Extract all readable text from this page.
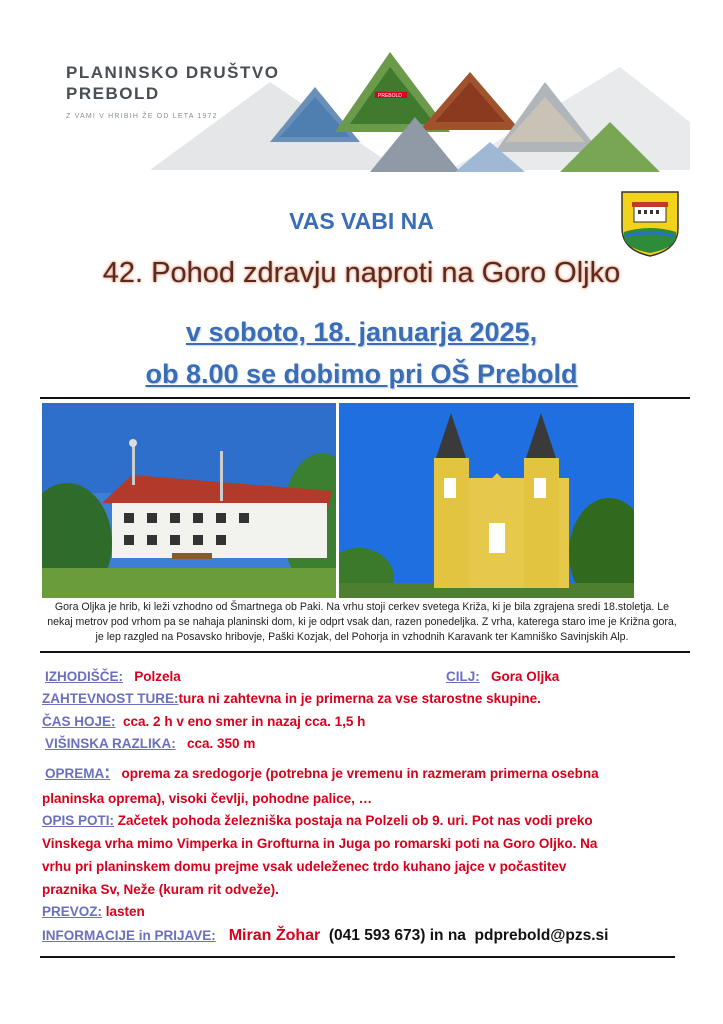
PLANINSKO DRUŠTVO
PREBOLD
Z VAMI V HRIBIH ŽE OD LETA 1972
PREBOLD
VAS VABI NA
42. Pohod zdravju naproti na Goro Oljko
v soboto, 18. januarja 2025,
ob 8.00 se dobimo pri OŠ Prebold
Gora Oljka je hrib, ki leži vzhodno od Šmartnega ob Paki. Na vrhu stoji cerkev svetega Križa, ki je bila zgrajena sredi 18.stoletja. Le nekaj metrov pod vrhom pa se nahaja planinski dom, ki je odprt vsak dan, razen ponedeljka. Z vrha, katerega staro ime je Križna gora, je lep razgled na Posavsko hribovje, Paški Kozjak, del Pohorja in vzhodnih Karavank ter Kamniško Savinjskih Alp.
IZHODIŠČE: Polzela	CILJ: Gora Oljka
ZAHTEVNOST TURE:tura ni zahtevna in je primerna za vse starostne skupine.
ČAS HOJE: cca. 2 h v eno smer in nazaj cca. 1,5 h
VIŠINSKA RAZLIKA: cca. 350 m
OPREMA: oprema za sredogorje (potrebna je vremenu in razmeram primerna osebna
planinska oprema), visoki čevlji, pohodne palice, …
OPIS POTI: Začetek pohoda železniška postaja na Polzeli ob 9. uri. Pot nas vodi preko
Vinskega vrha mimo Vimperka in Grofturna in Juga po romarski poti na Goro Oljko. Na
vrhu pri planinskem domu prejme vsak udeleženec trdo kuhano jajce v počastitev
praznika Sv, Neže (kuram rit odveže).
PREVOZ: lasten
INFORMACIJE in PRIJAVE: Miran Žohar (041 593 673) in na pdprebold@pzs.si
